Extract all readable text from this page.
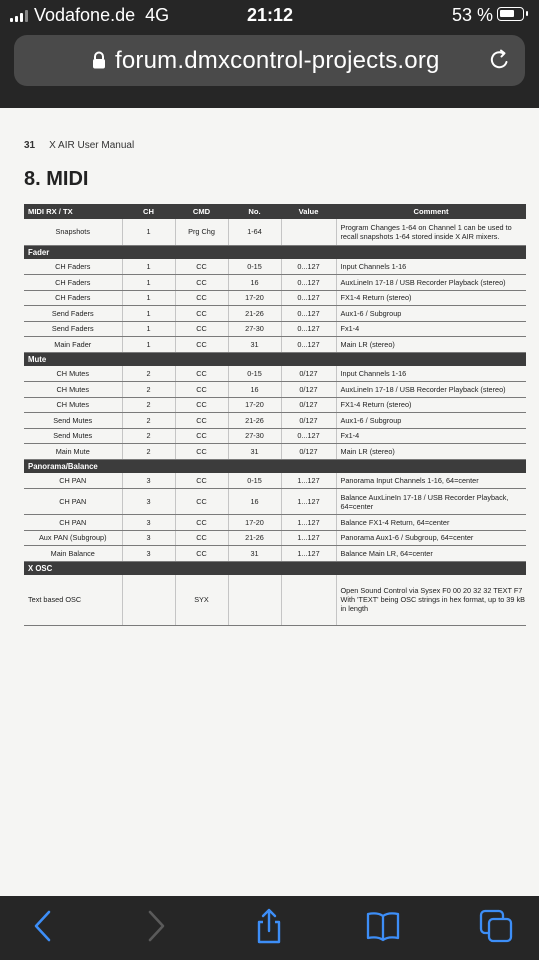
Vodafone.de 4G	21:12	53 %
forum.dmxcontrol-projects.org
31 X AIR User Manual
8. MIDI
MIDI RX / TX	CH	CMD	No.	Value	Comment
Snapshots	1	Prg Chg	1-64		Program Changes 1-64 on Channel 1 can be used to recall snapshots 1-64 stored inside X AIR mixers.
Fader					
CH Faders	1	CC	0-15	0...127	Input Channels 1-16
CH Faders	1	CC	16	0...127	AuxLineIn 17-18 / USB Recorder Playback (stereo)
CH Faders	1	CC	17-20	0...127	FX1-4 Return (stereo)
Send Faders	1	CC	21-26	0...127	Aux1-6 / Subgroup
Send Faders	1	CC	27-30	0...127	Fx1-4
Main Fader	1	CC	31	0...127	Main LR (stereo)
Mute					
CH Mutes	2	CC	0-15	0/127	Input Channels 1-16
CH Mutes	2	CC	16	0/127	AuxLineIn 17-18 / USB Recorder Playback (stereo)
CH Mutes	2	CC	17-20	0/127	FX1-4 Return (stereo)
Send Mutes	2	CC	21-26	0/127	Aux1-6 / Subgroup
Send Mutes	2	CC	27-30	0...127	Fx1-4
Main Mute	2	CC	31	0/127	Main LR (stereo)
Panorama/Balance					
CH PAN	3	CC	0-15	1...127	Panorama Input Channels 1-16, 64=center
CH PAN	3	CC	16	1...127	Balance AuxLineIn 17-18 / USB Recorder Playback, 64=center
CH PAN	3	CC	17-20	1...127	Balance FX1-4 Return, 64=center
Aux PAN (Subgroup)	3	CC	21-26	1...127	Panorama Aux1-6 / Subgroup, 64=center
Main Balance	3	CC	31	1...127	Balance Main LR, 64=center
X OSC					
Text based OSC		SYX			Open Sound Control via Sysex F0 00 20 32 32 TEXT F7 With 'TEXT' being OSC strings in hex format, up to 39 kB in length
